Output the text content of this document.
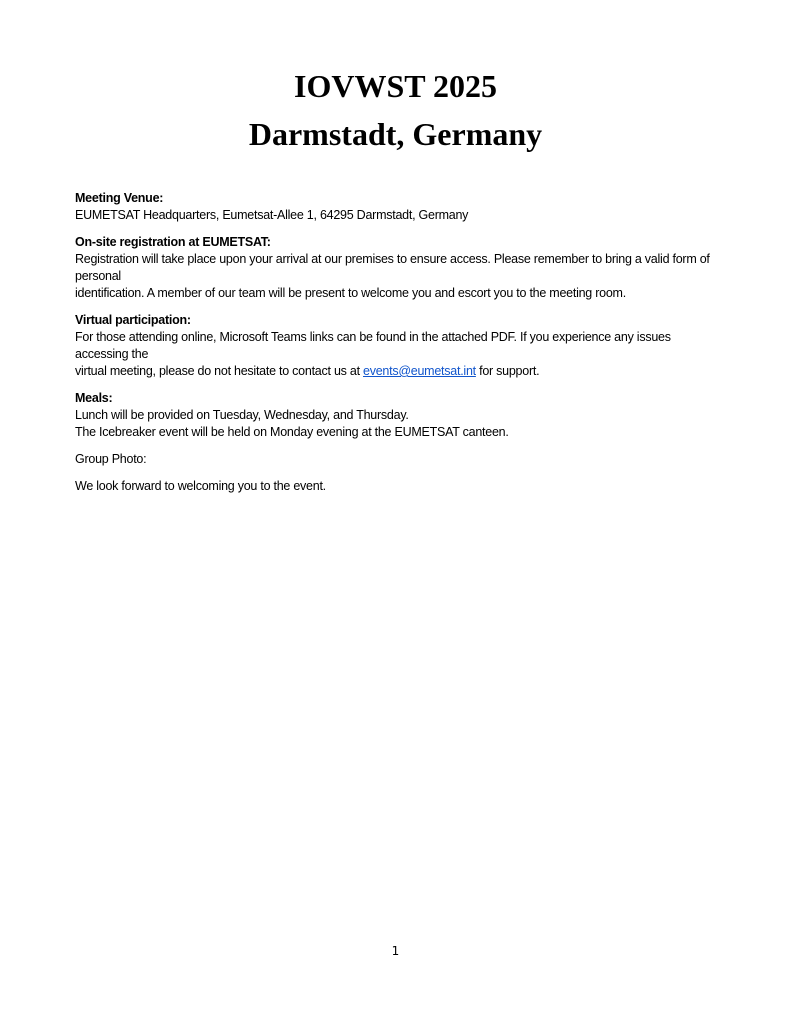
IOVWST 2025

Darmstadt, Germany

Meeting Venue:
EUMETSAT Headquarters, Eumetsat-Allee 1, 64295 Darmstadt, Germany
On-site registration at EUMETSAT:
Registration will take place upon your arrival at our premises to ensure access. Please remember to bring a valid form of personal
identification. A member of our team will be present to welcome you and escort you to the meeting room.
Virtual participation:
For those attending online, Microsoft Teams links can be found in the attached PDF. If you experience any issues accessing the
virtual meeting, please do not hesitate to contact us at events@eumetsat.int for support.
Meals:
Lunch will be provided on Tuesday, Wednesday, and Thursday.
The Icebreaker event will be held on Monday evening at the EUMETSAT canteen.
Group Photo:
We look forward to welcoming you to the event.
1
